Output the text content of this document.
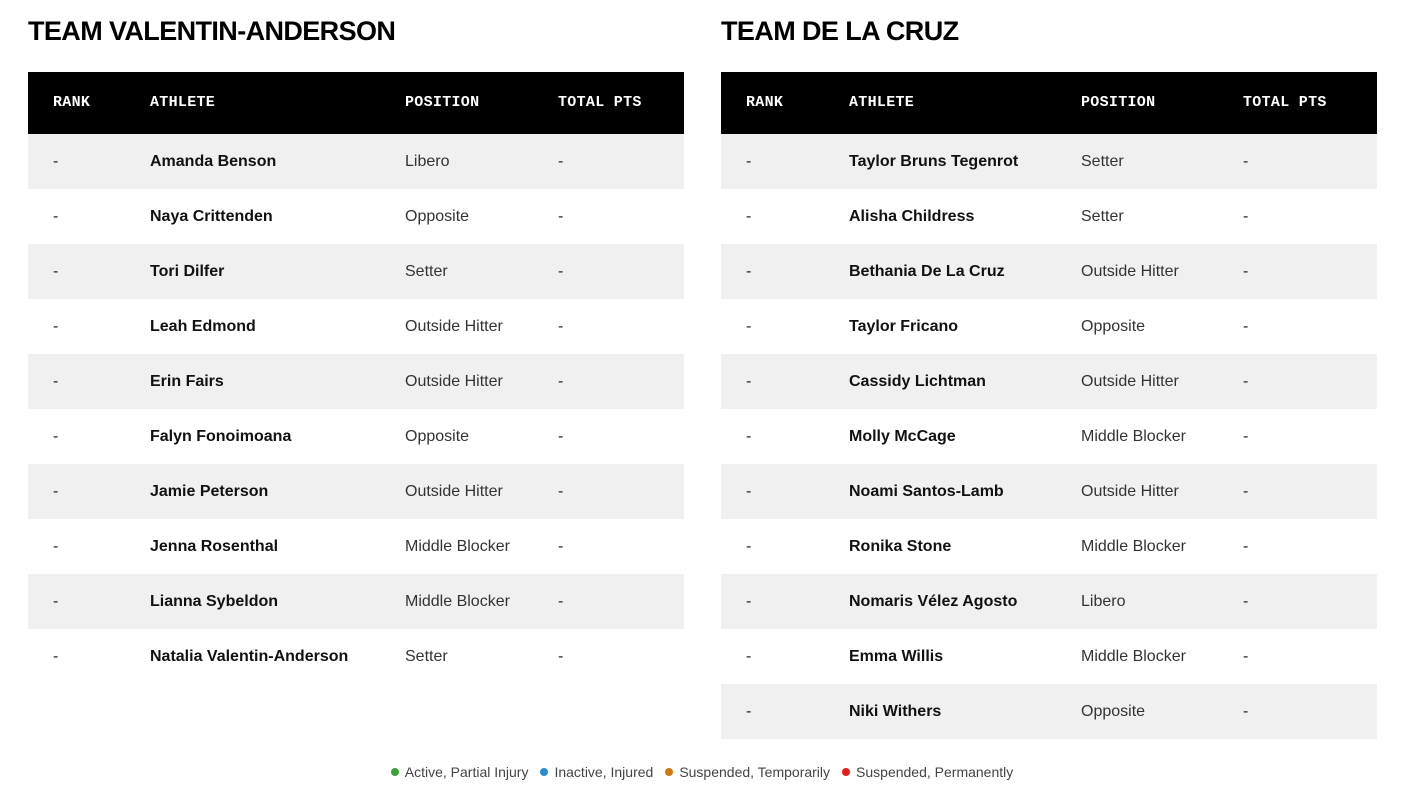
TEAM VALENTIN-ANDERSON
RANK	ATHLETE	POSITION	TOTAL PTS
-	Amanda Benson	Libero	-
-	Naya Crittenden	Opposite	-
-	Tori Dilfer	Setter	-
-	Leah Edmond	Outside Hitter	-
-	Erin Fairs	Outside Hitter	-
-	Falyn Fonoimoana	Opposite	-
-	Jamie Peterson	Outside Hitter	-
-	Jenna Rosenthal	Middle Blocker	-
-	Lianna Sybeldon	Middle Blocker	-
-	Natalia Valentin-Anderson	Setter	-
TEAM DE LA CRUZ
RANK	ATHLETE	POSITION	TOTAL PTS
-	Taylor Bruns Tegenrot	Setter	-
-	Alisha Childress	Setter	-
-	Bethania De La Cruz	Outside Hitter	-
-	Taylor Fricano	Opposite	-
-	Cassidy Lichtman	Outside Hitter	-
-	Molly McCage	Middle Blocker	-
-	Noami Santos-Lamb	Outside Hitter	-
-	Ronika Stone	Middle Blocker	-
-	Nomaris Vélez Agosto	Libero	-
-	Emma Willis	Middle Blocker	-
-	Niki Withers	Opposite	-
Active, Partial Injury Inactive, Injured Suspended, Temporarily Suspended, Permanently
